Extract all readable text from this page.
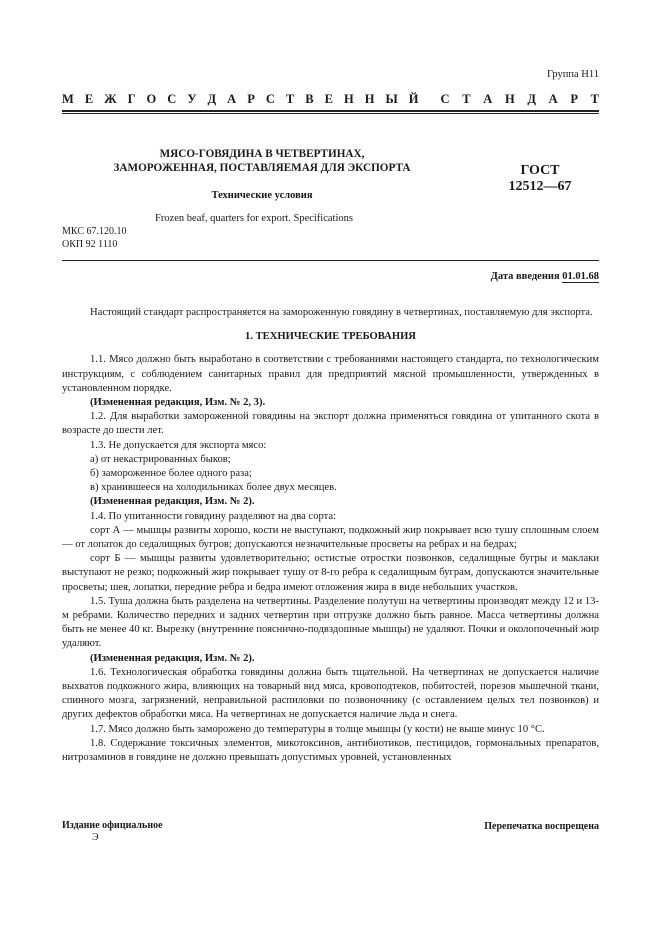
Группа Н11
М Е Ж Г О С У Д А Р С Т В Е Н Н Ы Й С Т А Н Д А Р Т
МЯСО-ГОВЯДИНА В ЧЕТВЕРТИНАХ,
ЗАМОРОЖЕННАЯ, ПОСТАВЛЯЕМАЯ ДЛЯ ЭКСПОРТА	ГОСТ
12512—67
Технические условия
Frozen beaf, quarters for export. Specifications
МКС 67.120.10
ОКП 92 1110
Дата введения 01.01.68

Настоящий стандарт распространяется на замороженную говядину в четвертинах, поставляемую для экспорта.

1. ТЕХНИЧЕСКИЕ ТРЕБОВАНИЯ

1.1. Мясо должно быть выработано в соответствии с требованиями настоящего стандарта, по технологическим инструкциям, с соблюдением санитарных правил для предприятий мясной промышленности, утвержденных в установленном порядке.

(Измененная редакция, Изм. № 2, 3).

1.2. Для выработки замороженной говядины на экспорт должна применяться говядина от упитанного скота в возрасте до шести лет.

1.3. Не допускается для экспорта мясо:

а) от некастрированных быков;

б) замороженное более одного раза;

в) хранившееся на холодильниках более двух месяцев.

(Измененная редакция, Изм. № 2).

1.4. По упитанности говядину разделяют на два сорта:

сорт А — мышцы развиты хорошо, кости не выступают, подкожный жир покрывает всю тушу сплошным слоем — от лопаток до седалищных бугров; допускаются незначительные просветы на ребрах и на бедрах;

сорт Б — мышцы развиты удовлетворительно; остистые отростки позвонков, седалищные бугры и маклаки выступают не резко; подкожный жир покрывает тушу от 8-го ребра к седалищным буграм, допускаются значительные просветы; шея, лопатки, передние ребра и бедра имеют отложения жира в виде небольших участков.

1.5. Туша должна быть разделена на четвертины. Разделение полутуш на четвертины производят между 12 и 13-м ребрами. Количество передних и задних четвертин при отгрузке должно быть равное. Масса четвертины должна быть не менее 40 кг. Вырезку (внутренние поясничнo-подвздошные мышцы) не удаляют. Почки и околопочечный жир удаляют.

(Измененная редакция, Изм. № 2).

1.6. Технологическая обработка говядины должна быть тщательной. На четвертинах не допускается наличие выхватов подкожного жира, влияющих на товарный вид мяса, кровоподтеков, побитостей, порезов мышечной ткани, спинного мозга, загрязнений, неправильной распиловки по позвоночнику (с оставлением целых тел позвонков) и других дефектов обработки мяса. На четвертинах не допускается наличие льда и снега.

1.7. Мясо должно быть заморожено до температуры в толще мышцы (у кости) не выше минус 10 °С.

1.8. Содержание токсичных элементов, микотоксинов, антибиотиков, пестицидов, гормональных препаратов, нитрозаминов в говядине не должно превышать допустимых уровней, установленных

Издание официальное
Э
Перепечатка воспрещена
